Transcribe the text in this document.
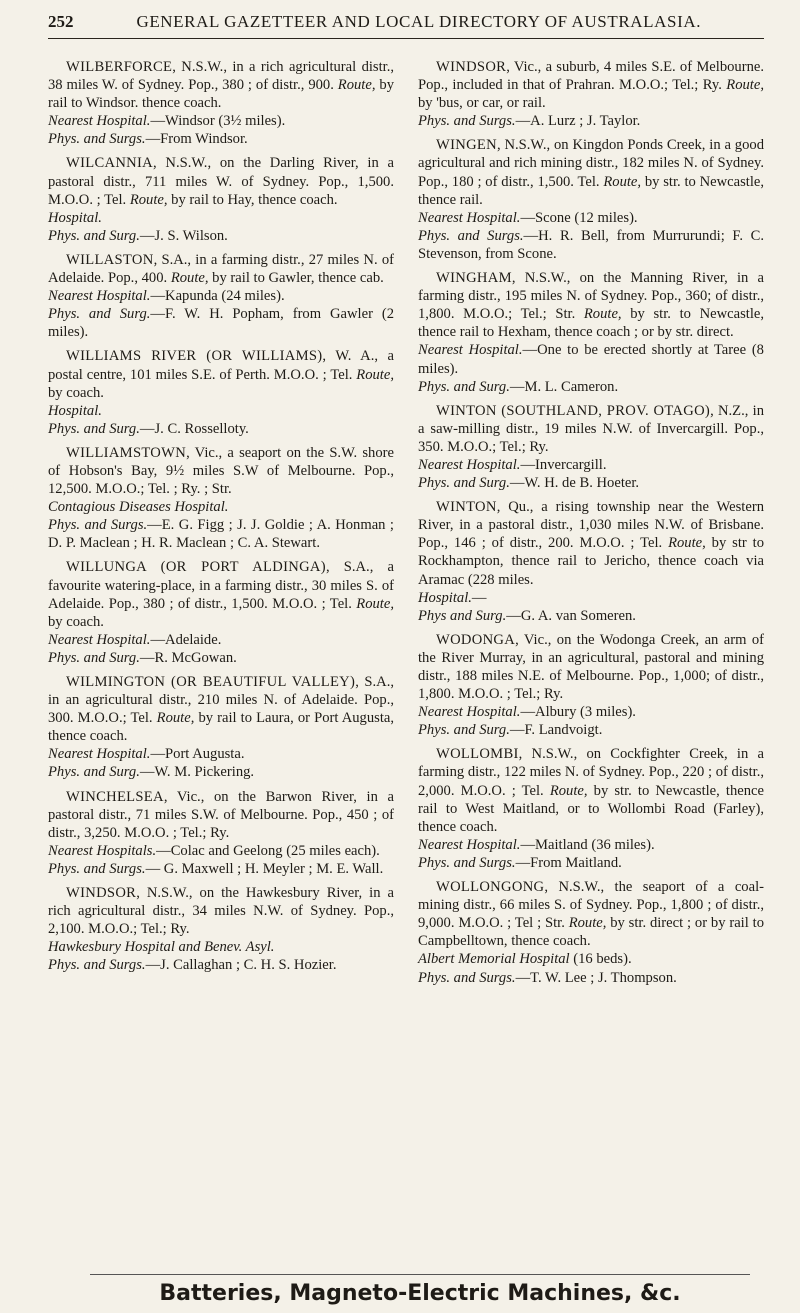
252	GENERAL GAZETTEER AND LOCAL DIRECTORY OF AUSTRALASIA.

WILBERFORCE, N.S.W., in a rich agricultural distr., 38 miles W. of Sydney. Pop., 380 ; of distr., 900. Route, by rail to Windsor. thence coach.

Nearest Hospital.—Windsor (3½ miles).

Phys. and Surgs.—From Windsor.

WILCANNIA, N.S.W., on the Darling River, in a pastoral distr., 711 miles W. of Sydney. Pop., 1,500. M.O.O. ; Tel. Route, by rail to Hay, thence coach.

Hospital.

Phys. and Surg.—J. S. Wilson.

WILLASTON, S.A., in a farming distr., 27 miles N. of Adelaide. Pop., 400. Route, by rail to Gawler, thence cab.

Nearest Hospital.—Kapunda (24 miles).

Phys. and Surg.—F. W. H. Popham, from Gawler (2 miles).

WILLIAMS RIVER (OR WILLIAMS), W. A., a postal centre, 101 miles S.E. of Perth. M.O.O. ; Tel. Route, by coach.

Hospital.

Phys. and Surg.—J. C. Rosselloty.

WILLIAMSTOWN, Vic., a seaport on the S.W. shore of Hobson's Bay, 9½ miles S.W of Melbourne. Pop., 12,500. M.O.O.; Tel. ; Ry. ; Str.

Contagious Diseases Hospital.

Phys. and Surgs.—E. G. Figg ; J. J. Goldie ; A. Honman ; D. P. Maclean ; H. R. Maclean ; C. A. Stewart.

WILLUNGA (OR PORT ALDINGA), S.A., a favourite watering-place, in a farming distr., 30 miles S. of Adelaide. Pop., 380 ; of distr., 1,500. M.O.O. ; Tel. Route, by coach.

Nearest Hospital.—Adelaide.

Phys. and Surg.—R. McGowan.

WILMINGTON (OR BEAUTIFUL VALLEY), S.A., in an agricultural distr., 210 miles N. of Adelaide. Pop., 300. M.O.O.; Tel. Route, by rail to Laura, or Port Augusta, thence coach.

Nearest Hospital.—Port Augusta.

Phys. and Surg.—W. M. Pickering.

WINCHELSEA, Vic., on the Barwon River, in a pastoral distr., 71 miles S.W. of Melbourne. Pop., 450 ; of distr., 3,250. M.O.O. ; Tel.; Ry.

Nearest Hospitals.—Colac and Geelong (25 miles each).

Phys. and Surgs.— G. Maxwell ; H. Meyler ; M. E. Wall.

WINDSOR, N.S.W., on the Hawkesbury River, in a rich agricultural distr., 34 miles N.W. of Sydney. Pop., 2,100. M.O.O.; Tel.; Ry.

Hawkesbury Hospital and Benev. Asyl.

Phys. and Surgs.—J. Callaghan ; C. H. S. Hozier.

WINDSOR, Vic., a suburb, 4 miles S.E. of Melbourne. Pop., included in that of Prahran. M.O.O.; Tel.; Ry. Route, by 'bus, or car, or rail.

Phys. and Surgs.—A. Lurz ; J. Taylor.

WINGEN, N.S.W., on Kingdon Ponds Creek, in a good agricultural and rich mining distr., 182 miles N. of Sydney. Pop., 180 ; of distr., 1,500. Tel. Route, by str. to Newcastle, thence rail.

Nearest Hospital.—Scone (12 miles).

Phys. and Surgs.—H. R. Bell, from Murrurundi; F. C. Stevenson, from Scone.

WINGHAM, N.S.W., on the Manning River, in a farming distr., 195 miles N. of Sydney. Pop., 360; of distr., 1,800. M.O.O.; Tel.; Str. Route, by str. to Newcastle, thence rail to Hexham, thence coach ; or by str. direct.

Nearest Hospital.—One to be erected shortly at Taree (8 miles).

Phys. and Surg.—M. L. Cameron.

WINTON (SOUTHLAND, PROV. OTAGO), N.Z., in a saw-milling distr., 19 miles N.W. of Invercargill. Pop., 350. M.O.O.; Tel.; Ry.

Nearest Hospital.—Invercargill.

Phys. and Surg.—W. H. de B. Hoeter.

WINTON, Qu., a rising township near the Western River, in a pastoral distr., 1,030 miles N.W. of Brisbane. Pop., 146 ; of distr., 200. M.O.O. ; Tel. Route, by str to Rockhampton, thence rail to Jericho, thence coach via Aramac (228 miles.

Hospital.—

Phys and Surg.—G. A. van Someren.

WODONGA, Vic., on the Wodonga Creek, an arm of the River Murray, in an agricultural, pastoral and mining distr., 188 miles N.E. of Melbourne. Pop., 1,000; of distr., 1,800. M.O.O. ; Tel.; Ry.

Nearest Hospital.—Albury (3 miles).

Phys. and Surg.—F. Landvoigt.

WOLLOMBI, N.S.W., on Cockfighter Creek, in a farming distr., 122 miles N. of Sydney. Pop., 220 ; of distr., 2,000. M.O.O. ; Tel. Route, by str. to Newcastle, thence rail to West Maitland, or to Wollombi Road (Farley), thence coach.

Nearest Hospital.—Maitland (36 miles).

Phys. and Surgs.—From Maitland.

WOLLONGONG, N.S.W., the seaport of a coal-mining distr., 66 miles S. of Sydney. Pop., 1,800 ; of distr., 9,000. M.O.O. ; Tel ; Str. Route, by str. direct ; or by rail to Campbelltown, thence coach.

Albert Memorial Hospital (16 beds).

Phys. and Surgs.—T. W. Lee ; J. Thompson.

Batteries, Magneto-Electric Machines, &c.
